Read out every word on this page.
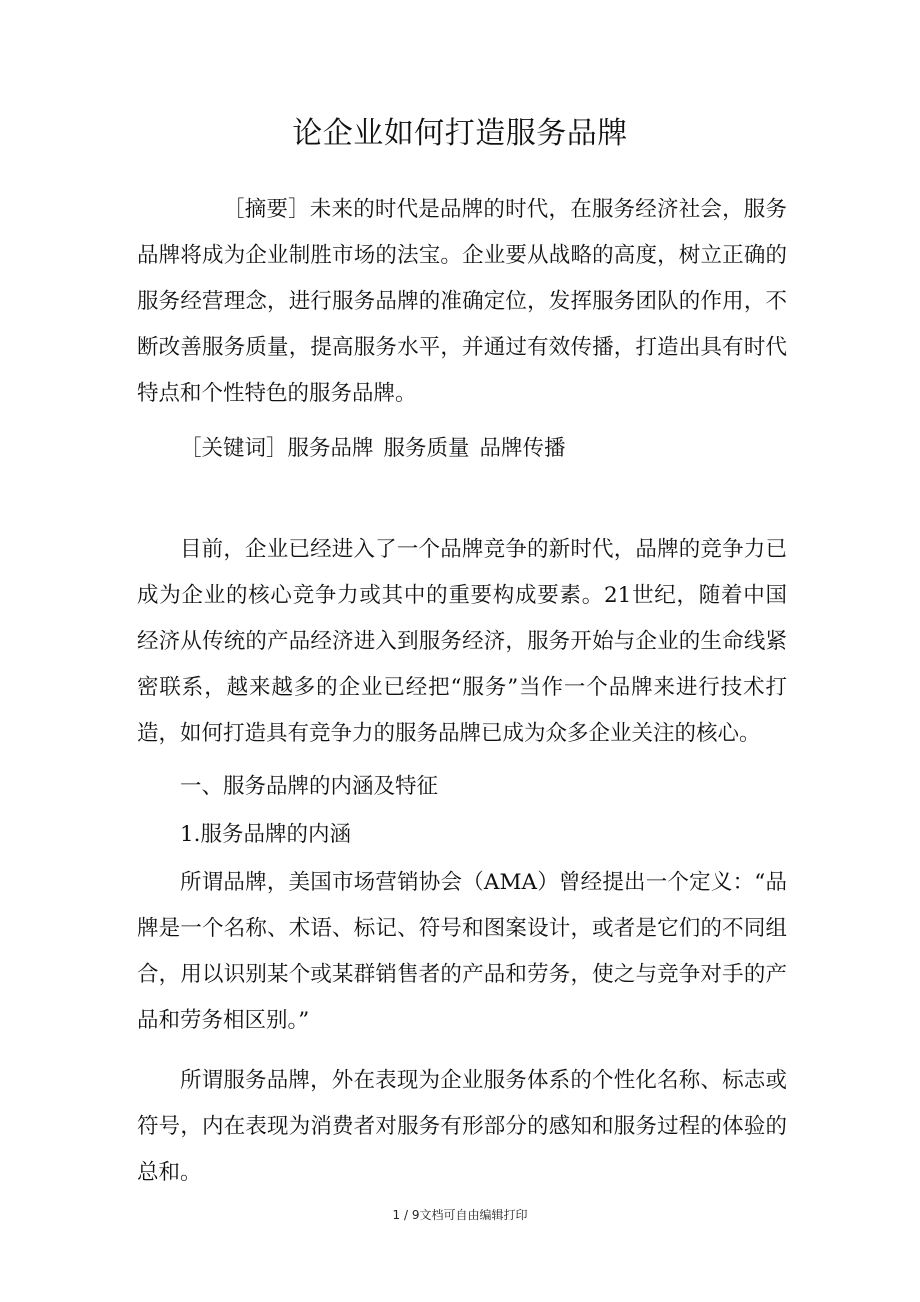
论企业如何打造服务品牌

［摘要］未来的时代是品牌的时代，在服务经济社会，服务品牌将成为企业制胜市场的法宝。企业要从战略的高度，树立正确的服务经营理念，进行服务品牌的准确定位，发挥服务团队的作用，不断改善服务质量，提高服务水平，并通过有效传播，打造出具有时代特点和个性特色的服务品牌。

［关键词］服务品牌 服务质量 品牌传播

目前，企业已经进入了一个品牌竞争的新时代，品牌的竞争力已成为企业的核心竞争力或其中的重要构成要素。21世纪，随着中国经济从传统的产品经济进入到服务经济，服务开始与企业的生命线紧密联系，越来越多的企业已经把“服务”当作一个品牌来进行技术打造，如何打造具有竞争力的服务品牌已成为众多企业关注的核心。

一、服务品牌的内涵及特征

1.服务品牌的内涵

所谓品牌，美国市场营销协会（AMA）曾经提出一个定义：“品牌是一个名称、术语、标记、符号和图案设计，或者是它们的不同组合，用以识别某个或某群销售者的产品和劳务，使之与竞争对手的产品和劳务相区别。”

所谓服务品牌，外在表现为企业服务体系的个性化名称、标志或符号，内在表现为消费者对服务有形部分的感知和服务过程的体验的总和。

1 / 9文档可自由编辑打印
